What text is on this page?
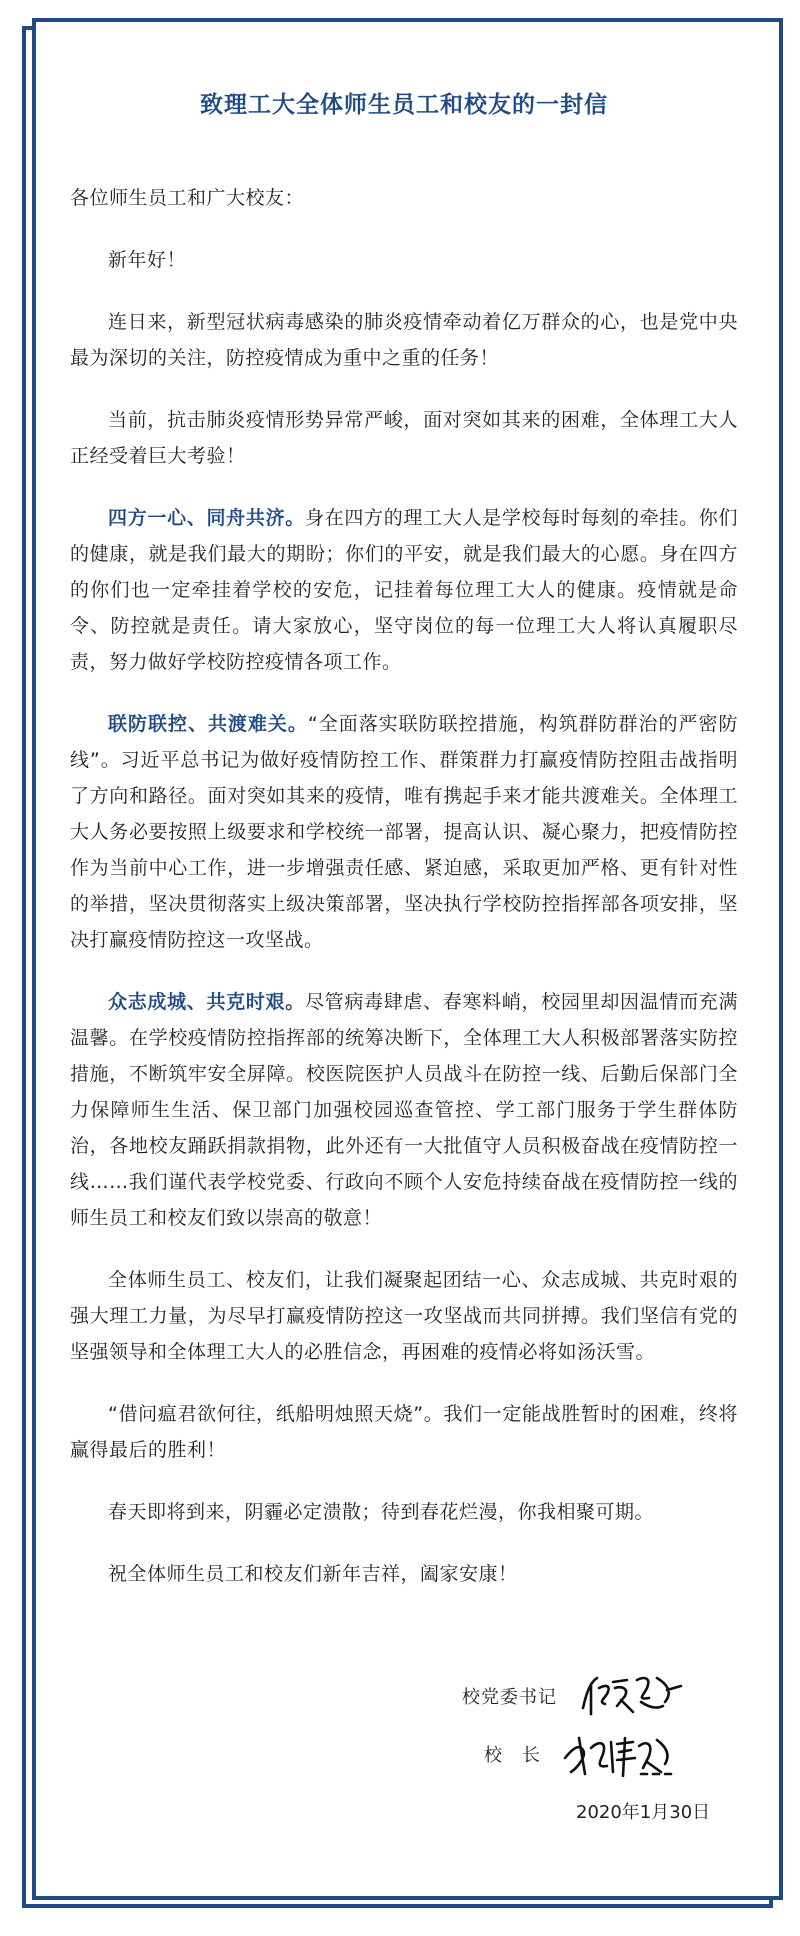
致理工大全体师生员工和校友的一封信

各位师生员工和广大校友：

新年好！

连日来，新型冠状病毒感染的肺炎疫情牵动着亿万群众的心，也是党中央最为深切的关注，防控疫情成为重中之重的任务！

当前，抗击肺炎疫情形势异常严峻，面对突如其来的困难，全体理工大人正经受着巨大考验！

四方一心、同舟共济。身在四方的理工大人是学校每时每刻的牵挂。你们的健康，就是我们最大的期盼；你们的平安，就是我们最大的心愿。身在四方的你们也一定牵挂着学校的安危，记挂着每位理工大人的健康。疫情就是命令、防控就是责任。请大家放心，坚守岗位的每一位理工大人将认真履职尽责，努力做好学校防控疫情各项工作。

联防联控、共渡难关。“全面落实联防联控措施，构筑群防群治的严密防线”。习近平总书记为做好疫情防控工作、群策群力打赢疫情防控阻击战指明了方向和路径。面对突如其来的疫情，唯有携起手来才能共渡难关。全体理工大人务必要按照上级要求和学校统一部署，提高认识、凝心聚力，把疫情防控作为当前中心工作，进一步增强责任感、紧迫感，采取更加严格、更有针对性的举措，坚决贯彻落实上级决策部署，坚决执行学校防控指挥部各项安排，坚决打赢疫情防控这一攻坚战。

众志成城、共克时艰。尽管病毒肆虐、春寒料峭，校园里却因温情而充满温馨。在学校疫情防控指挥部的统筹决断下，全体理工大人积极部署落实防控措施，不断筑牢安全屏障。校医院医护人员战斗在防控一线、后勤后保部门全力保障师生生活、保卫部门加强校园巡查管控、学工部门服务于学生群体防治，各地校友踊跃捐款捐物，此外还有一大批值守人员积极奋战在疫情防控一线……我们谨代表学校党委、行政向不顾个人安危持续奋战在疫情防控一线的师生员工和校友们致以崇高的敬意！

全体师生员工、校友们，让我们凝聚起团结一心、众志成城、共克时艰的强大理工力量，为尽早打赢疫情防控这一攻坚战而共同拼搏。我们坚信有党的坚强领导和全体理工大人的必胜信念，再困难的疫情必将如汤沃雪。

“借问瘟君欲何往，纸船明烛照天烧”。我们一定能战胜暂时的困难，终将赢得最后的胜利！

春天即将到来，阴霾必定溃散；待到春花烂漫，你我相聚可期。

祝全体师生员工和校友们新年吉祥，阖家安康！

校党委书记
校　长
2020年1月30日
